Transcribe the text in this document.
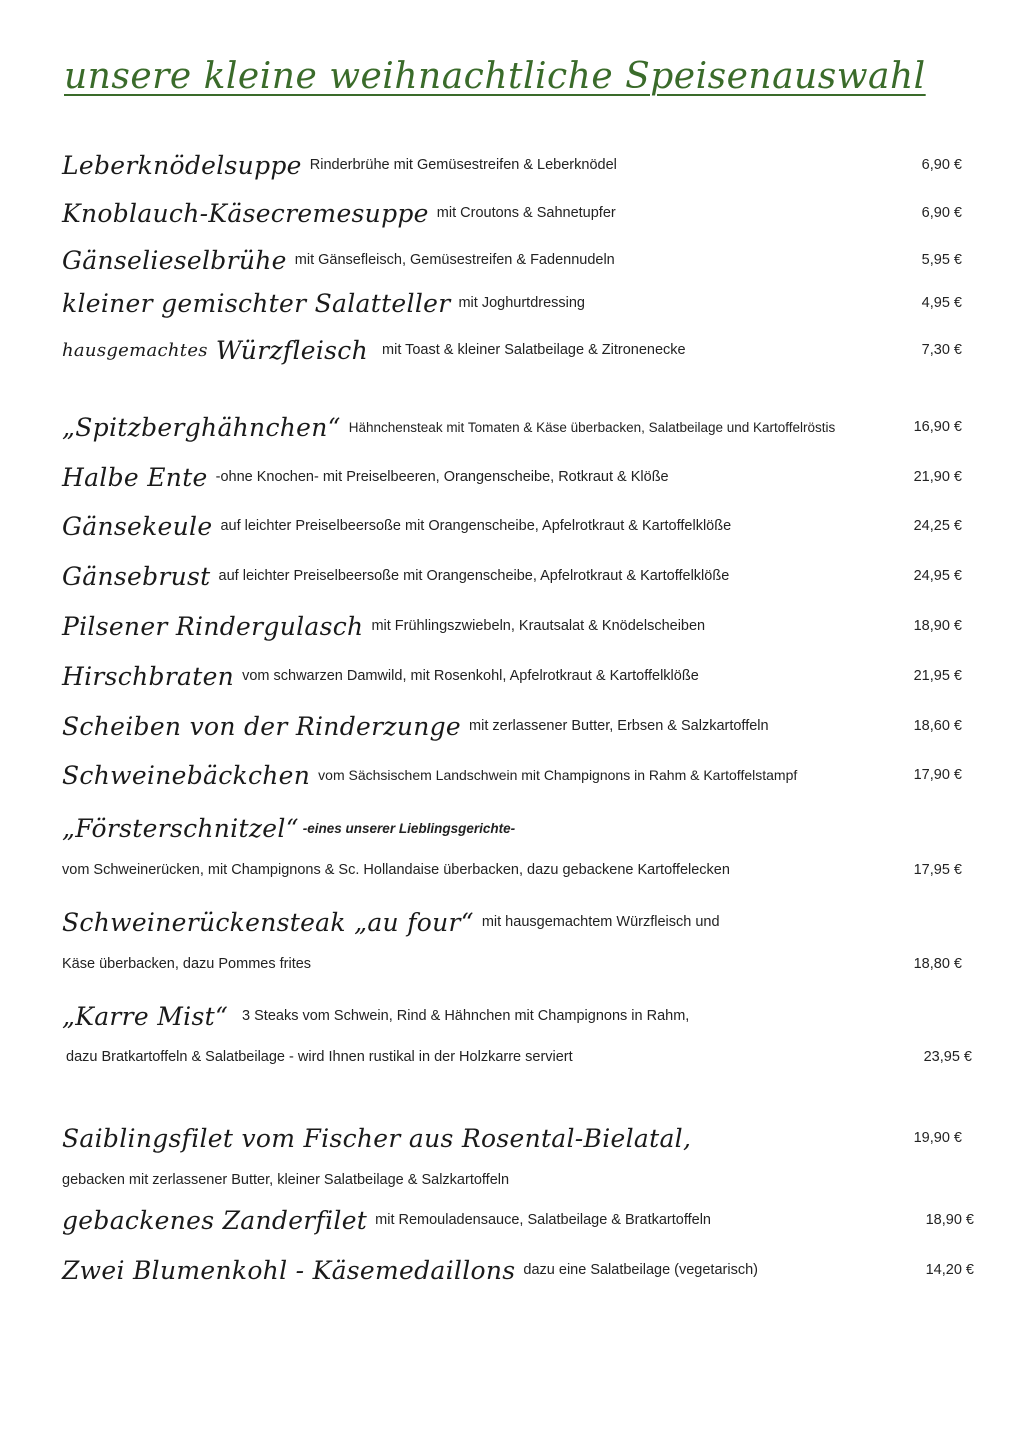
unsere kleine weihnachtliche Speisenauswahl
Leberknödelsuppe Rinderbrühe mit Gemüsestreifen & Leberknödel	6,90 €
Knoblauch-Käsecremesuppe mit Croutons & Sahnetupfer	6,90 €
Gänselieselbrühe mit Gänsefleisch, Gemüsestreifen & Fadennudeln	5,95 €
kleiner gemischter Salatteller mit Joghurtdressing	4,95 €
hausgemachtes Würzfleisch mit Toast & kleiner Salatbeilage & Zitronenecke	7,30 €
„Spitzberghähnchen“ Hähnchensteak mit Tomaten & Käse überbacken, Salatbeilage und Kartoffelröstis	16,90 €
Halbe Ente -ohne Knochen- mit Preiselbeeren, Orangenscheibe, Rotkraut & Klöße	21,90 €
Gänsekeule auf leichter Preiselbeersoße mit Orangenscheibe, Apfelrotkraut & Kartoffelklöße	24,25 €
Gänsebrust auf leichter Preiselbeersoße mit Orangenscheibe, Apfelrotkraut & Kartoffelklöße	24,95 €
Pilsener Rindergulasch mit Frühlingszwiebeln, Krautsalat & Knödelscheiben	18,90 €
Hirschbraten vom schwarzen Damwild, mit Rosenkohl, Apfelrotkraut & Kartoffelklöße	21,95 €
Scheiben von der Rinderzunge mit zerlassener Butter, Erbsen & Salzkartoffeln	18,60 €
Schweinebäckchen vom Sächsischem Landschwein mit Champignons in Rahm & Kartoffelstampf	17,90 €
„Försterschnitzel“ -eines unserer Lieblingsgerichte-
vom Schweinerücken, mit Champignons & Sc. Hollandaise überbacken, dazu gebackene Kartoffelecken	17,95 €
Schweinerückensteak „au four“ mit hausgemachtem Würzfleisch und
Käse überbacken, dazu Pommes frites	18,80 €
„Karre Mist“ 3 Steaks vom Schwein, Rind & Hähnchen mit Champignons in Rahm,
dazu Bratkartoffeln & Salatbeilage - wird Ihnen rustikal in der Holzkarre serviert	23,95 €
Saiblingsfilet vom Fischer aus Rosental-Bielatal,	19,90 €
gebacken mit zerlassener Butter, kleiner Salatbeilage & Salzkartoffeln
gebackenes Zanderfilet mit Remouladensauce, Salatbeilage & Bratkartoffeln	18,90 €
Zwei Blumenkohl - Käsemedaillons dazu eine Salatbeilage (vegetarisch)	14,20 €
